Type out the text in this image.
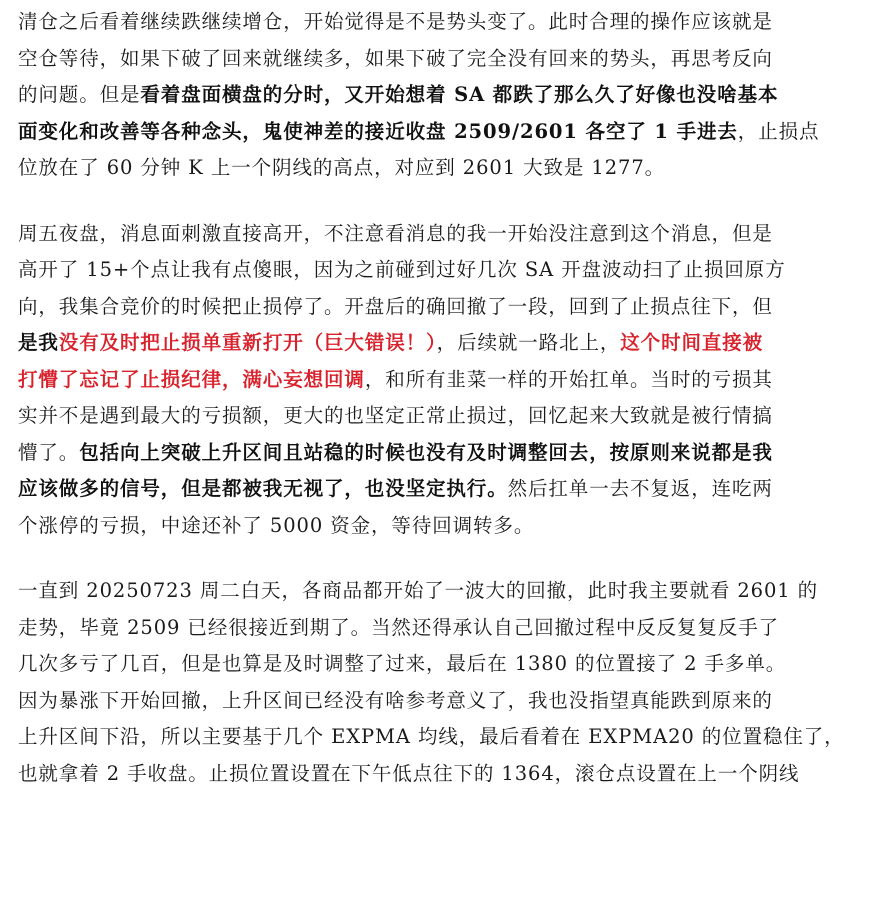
清仓之后看着继续跌继续增仓，开始觉得是不是势头变了。此时合理的操作应该就是
空仓等待，如果下破了回来就继续多，如果下破了完全没有回来的势头，再思考反向
的问题。但是看着盘面横盘的分时，又开始想着 SA 都跌了那么久了好像也没啥基本
面变化和改善等各种念头，鬼使神差的接近收盘 2509/2601 各空了 1 手进去，止损点
位放在了 60 分钟 K 上一个阴线的高点，对应到 2601 大致是 1277。
周五夜盘，消息面刺激直接高开，不注意看消息的我一开始没注意到这个消息，但是
高开了 15+个点让我有点傻眼，因为之前碰到过好几次 SA 开盘波动扫了止损回原方
向，我集合竞价的时候把止损停了。开盘后的确回撤了一段，回到了止损点往下，但
是我没有及时把止损单重新打开（巨大错误！），后续就一路北上，这个时间直接被
打懵了忘记了止损纪律，满心妄想回调，和所有韭菜一样的开始扛单。当时的亏损其
实并不是遇到最大的亏损额，更大的也坚定正常止损过，回忆起来大致就是被行情搞
懵了。包括向上突破上升区间且站稳的时候也没有及时调整回去，按原则来说都是我
应该做多的信号，但是都被我无视了，也没坚定执行。然后扛单一去不复返，连吃两
个涨停的亏损，中途还补了 5000 资金，等待回调转多。
一直到 20250723 周二白天，各商品都开始了一波大的回撤，此时我主要就看 2601 的
走势，毕竟 2509 已经很接近到期了。当然还得承认自己回撤过程中反反复复反手了
几次多亏了几百，但是也算是及时调整了过来，最后在 1380 的位置接了 2 手多单。
因为暴涨下开始回撤，上升区间已经没有啥参考意义了，我也没指望真能跌到原来的
上升区间下沿，所以主要基于几个 EXPMA 均线，最后看着在 EXPMA20 的位置稳住了，
也就拿着 2 手收盘。止损位置设置在下午低点往下的 1364，滚仓点设置在上一个阴线
